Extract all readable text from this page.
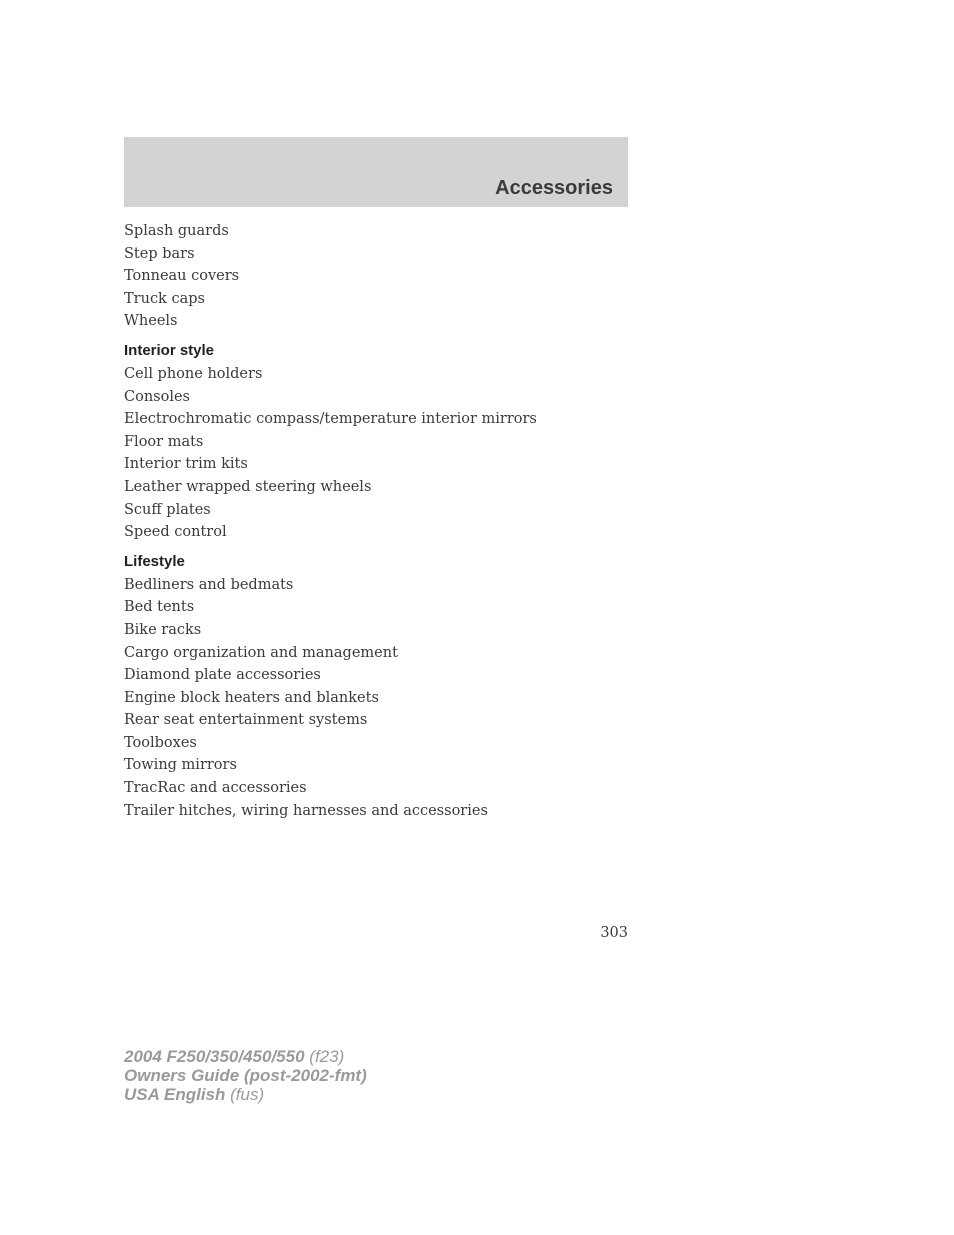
Accessories
Splash guards
Step bars
Tonneau covers
Truck caps
Wheels
Interior style
Cell phone holders
Consoles
Electrochromatic compass/temperature interior mirrors
Floor mats
Interior trim kits
Leather wrapped steering wheels
Scuff plates
Speed control
Lifestyle
Bedliners and bedmats
Bed tents
Bike racks
Cargo organization and management
Diamond plate accessories
Engine block heaters and blankets
Rear seat entertainment systems
Toolboxes
Towing mirrors
TracRac and accessories
Trailer hitches, wiring harnesses and accessories
303
2004 F250/350/450/550 (f23)
Owners Guide (post-2002-fmt)
USA English (fus)
